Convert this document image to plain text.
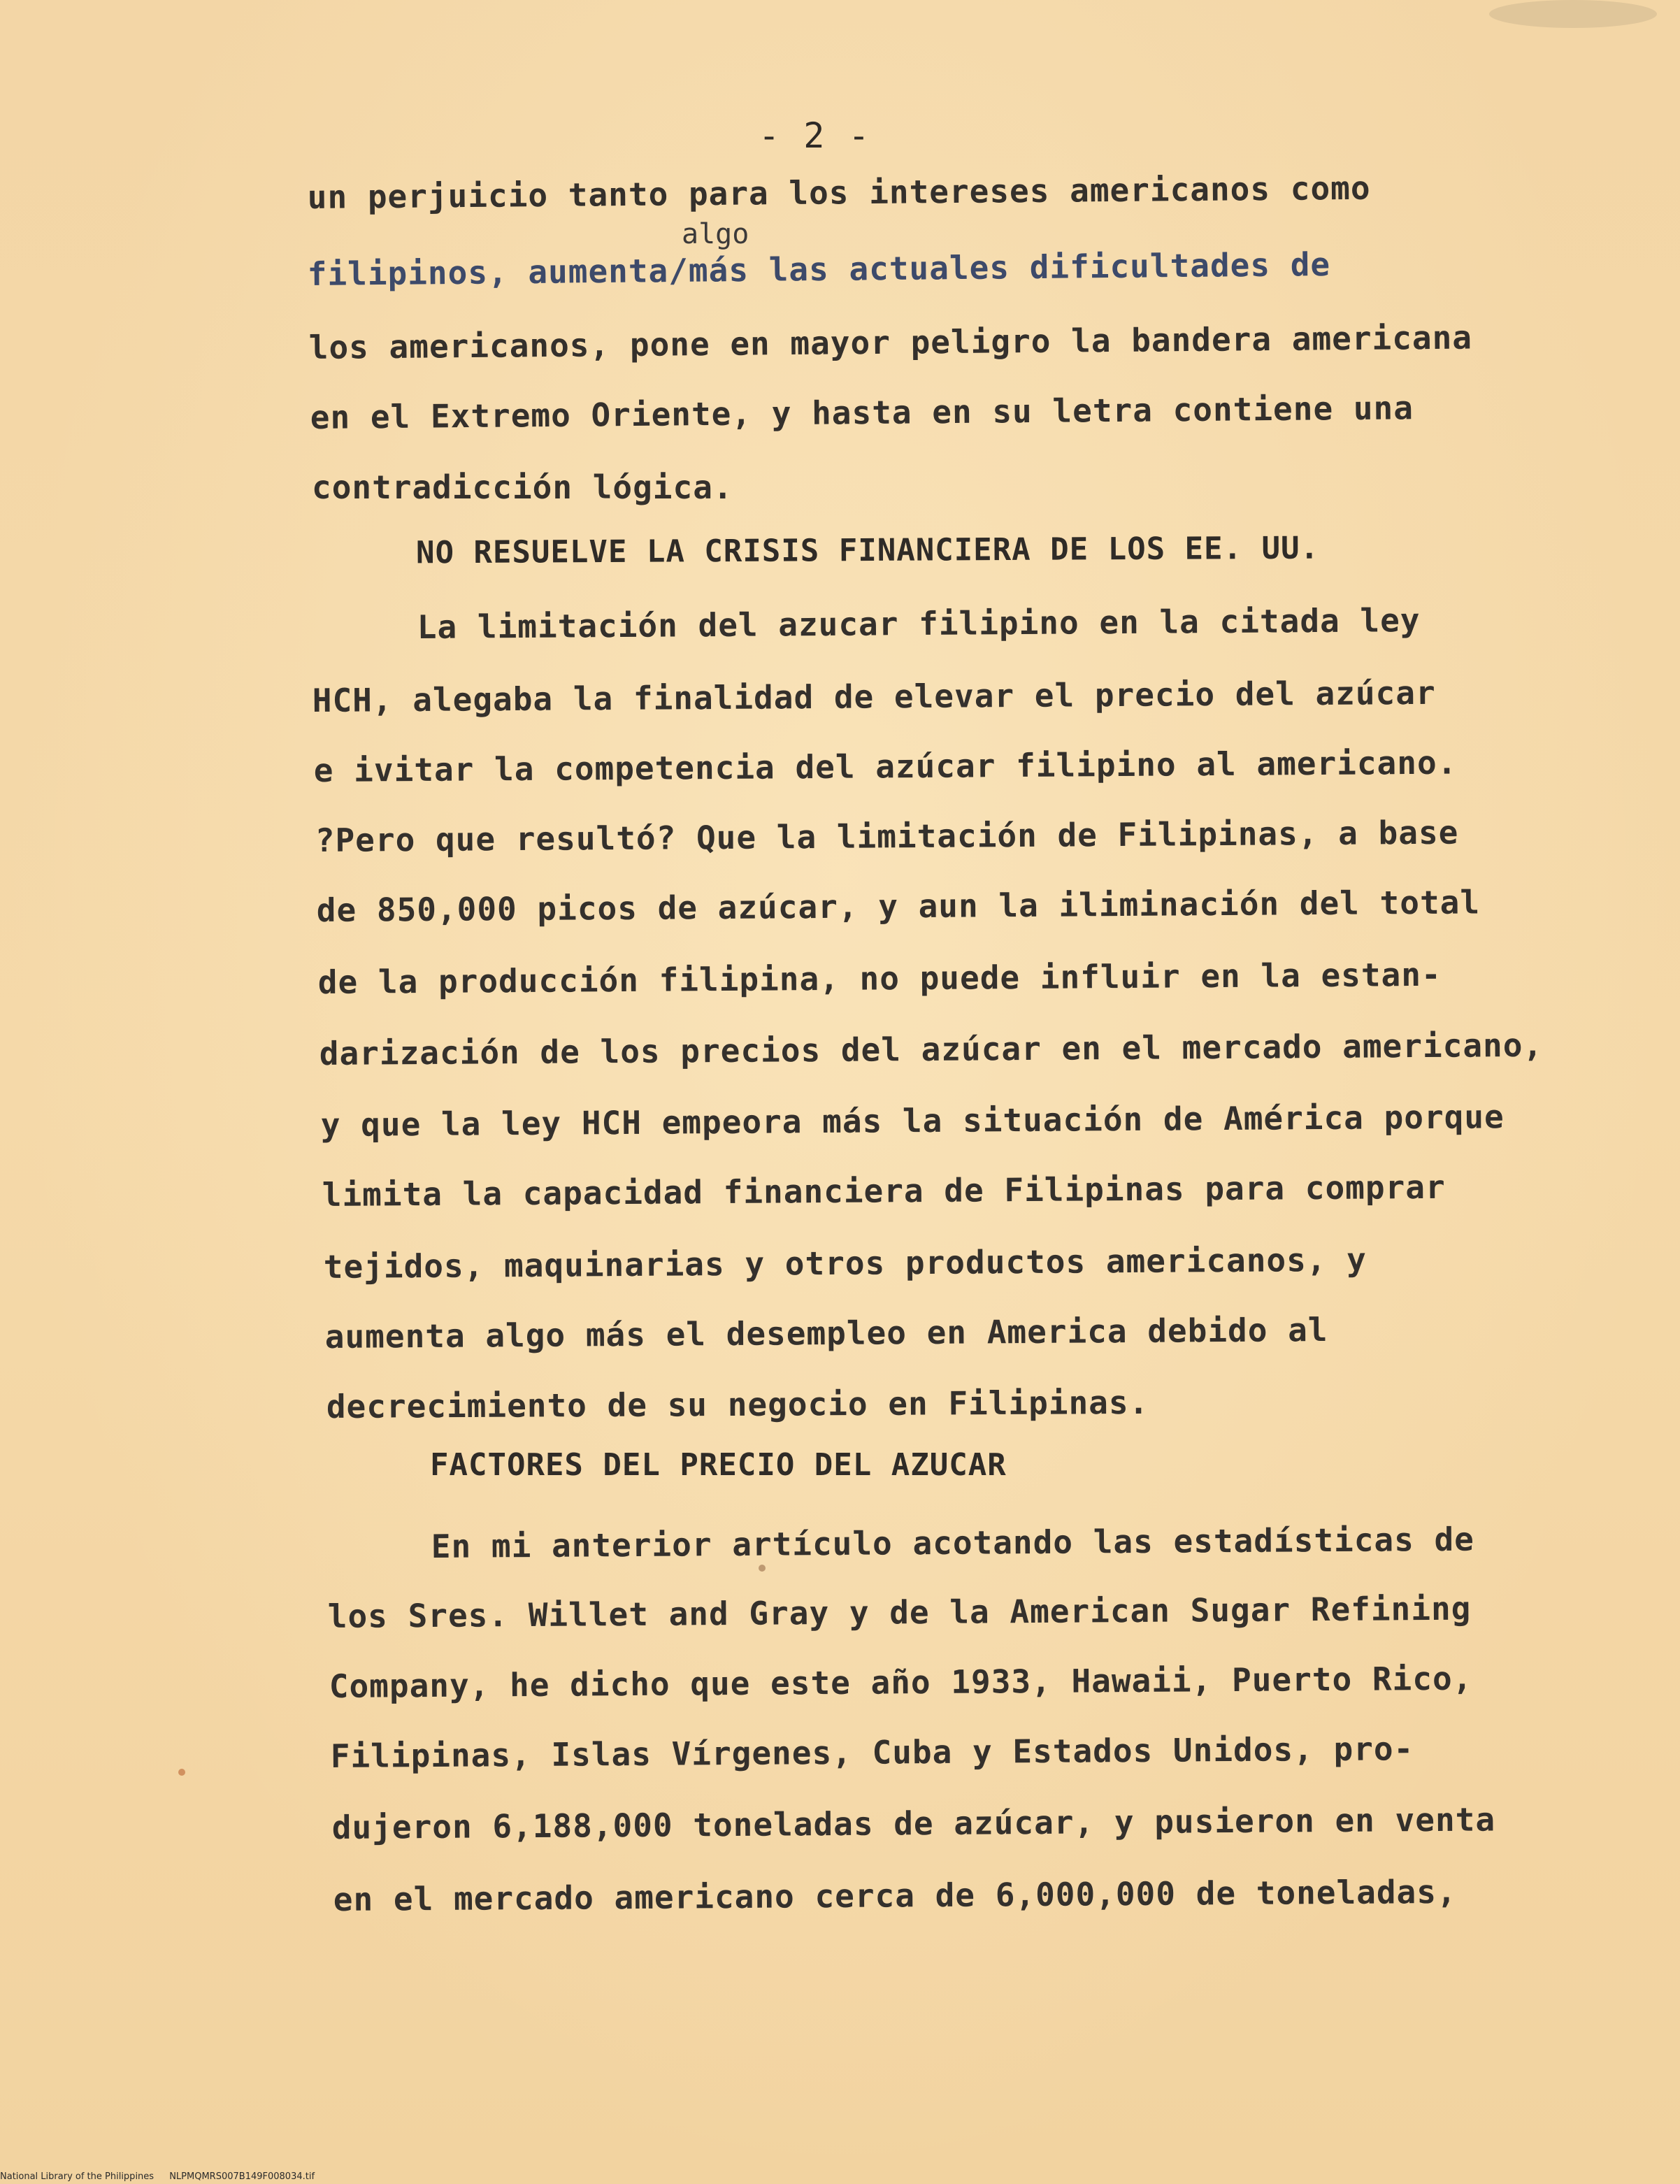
- 2 -
algo
un perjuicio tanto para los intereses americanos como
filipinos, aumenta/más las actuales dificultades de
los americanos, pone en mayor peligro la bandera americana
en el Extremo Oriente, y hasta en su letra contiene una
contradicción lógica.
NO RESUELVE LA CRISIS FINANCIERA DE LOS EE. UU.
La limitación del azucar filipino en la citada ley
HCH, alegaba la finalidad de elevar el precio del azúcar
e ivitar la competencia del azúcar filipino al americano.
?Pero que resultó? Que la limitación de Filipinas, a base
de 850,000 picos de azúcar, y aun la iliminación del total
de la producción filipina, no puede influir en la estan-
darización de los precios del azúcar en el mercado americano,
y que la ley HCH empeora más la situación de América porque
limita la capacidad financiera de Filipinas para comprar
tejidos, maquinarias y otros productos americanos, y
aumenta algo más el desempleo en America debido al
decrecimiento de su negocio en Filipinas.
FACTORES DEL PRECIO DEL AZUCAR
En mi anterior artículo acotando las estadísticas de
los Sres. Willet and Gray y de la American Sugar Refining
Company, he dicho que este año 1933, Hawaii, Puerto Rico,
Filipinas, Islas Vírgenes, Cuba y Estados Unidos, pro-
dujeron 6,188,000 toneladas de azúcar, y pusieron en venta
en el mercado americano cerca de 6,000,000 de toneladas,
National Library of the Philippines NLPMQMRS007B149F008034.tif
